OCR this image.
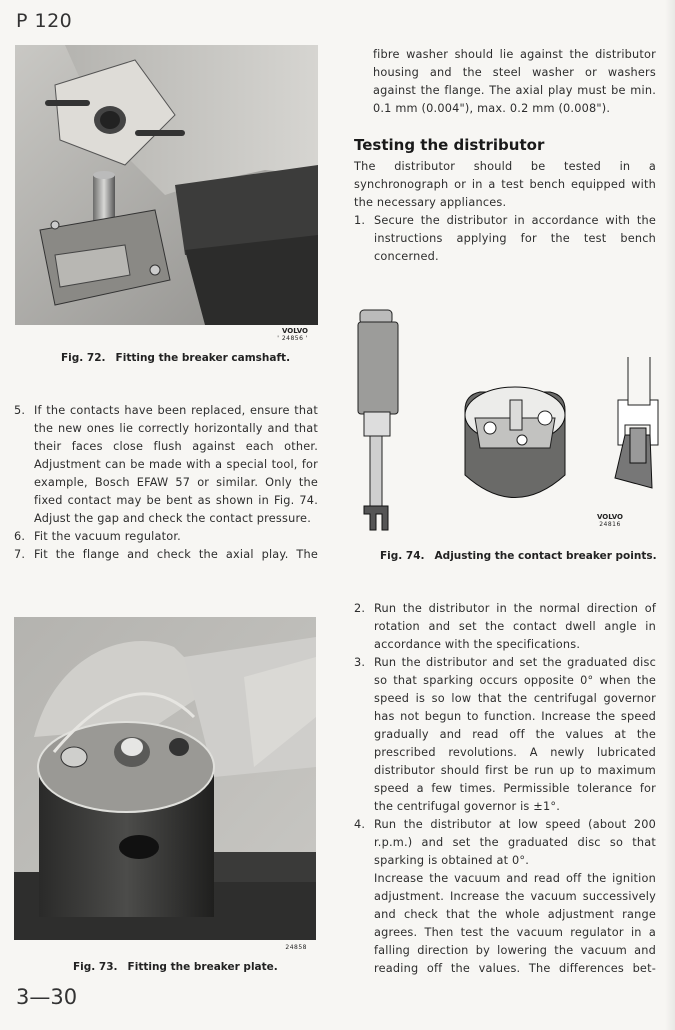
P 120
VOLVO
' 24856 '
Fig. 72. Fitting the breaker camshaft.
5. If the contacts have been replaced, ensure that the new ones lie correctly horizontally and that their faces close flush against each other. Adjustment can be made with a special tool, for example, Bosch EFAW 57 or similar. Only the fixed contact may be bent as shown in Fig. 74. Adjust the gap and check the contact pressure.
6. Fit the vacuum regulator.
7. Fit the flange and check the axial play. The
24858
Fig. 73. Fitting the breaker plate.
3—30

fibre washer should lie against the distributor housing and the steel washer or washers against the flange. The axial play must be min. 0.1 mm (0.004"), max. 0.2 mm (0.008").

Testing the distributor

The distributor should be tested in a synchronograph or in a test bench equipped with the necessary appliances.

1. Secure the distributor in accordance with the instructions applying for the test bench concerned.
VOLVO
24816
Fig. 74. Adjusting the contact breaker points.
2. Run the distributor in the normal direction of rotation and set the contact dwell angle in accordance with the specifications.
3. Run the distributor and set the graduated disc so that sparking occurs opposite 0° when the speed is so low that the centrifugal governor has not begun to function. Increase the speed gradually and read off the values at the prescribed revolutions. A newly lubricated distributor should first be run up to maximum speed a few times. Permissible tolerance for the centrifugal governor is ±1°.
4. Run the distributor at low speed (about 200 r.p.m.) and set the graduated disc so that sparking is obtained at 0°.

Increase the vacuum and read off the ignition adjustment. Increase the vacuum successively and check that the whole adjustment range agrees. Then test the vacuum regulator in a falling direction by lowering the vacuum and reading off the values. The differences bet-
